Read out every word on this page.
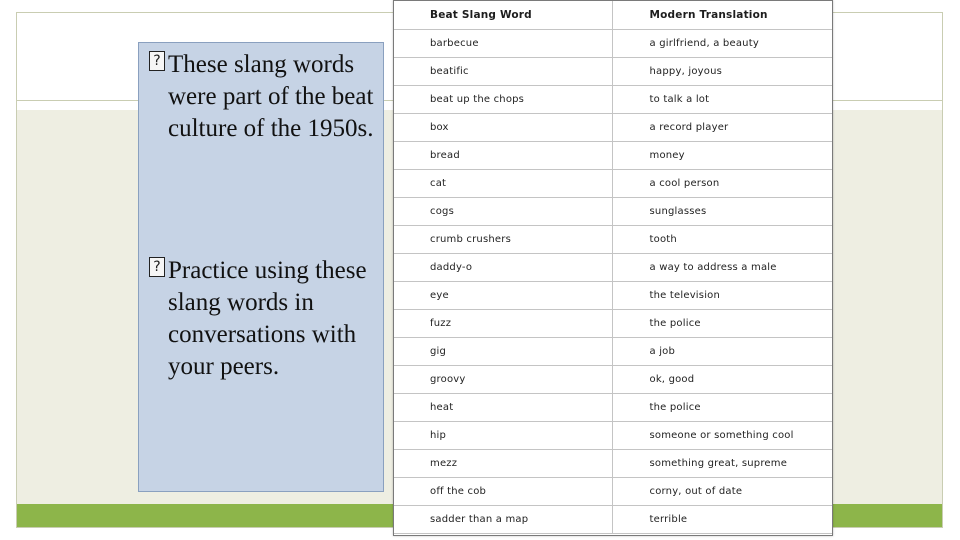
? These slang words were part of the beat culture of the 1950s.
? Practice using these slang words in conversations with your peers.
Beat Slang Word	Modern Translation
barbecue	a girlfriend, a beauty
beatific	happy, joyous
beat up the chops	to talk a lot
box	a record player
bread	money
cat	a cool person
cogs	sunglasses
crumb crushers	tooth
daddy-o	a way to address a male
eye	the television
fuzz	the police
gig	a job
groovy	ok, good
heat	the police
hip	someone or something cool
mezz	something great, supreme
off the cob	corny, out of date
sadder than a map	terrible
